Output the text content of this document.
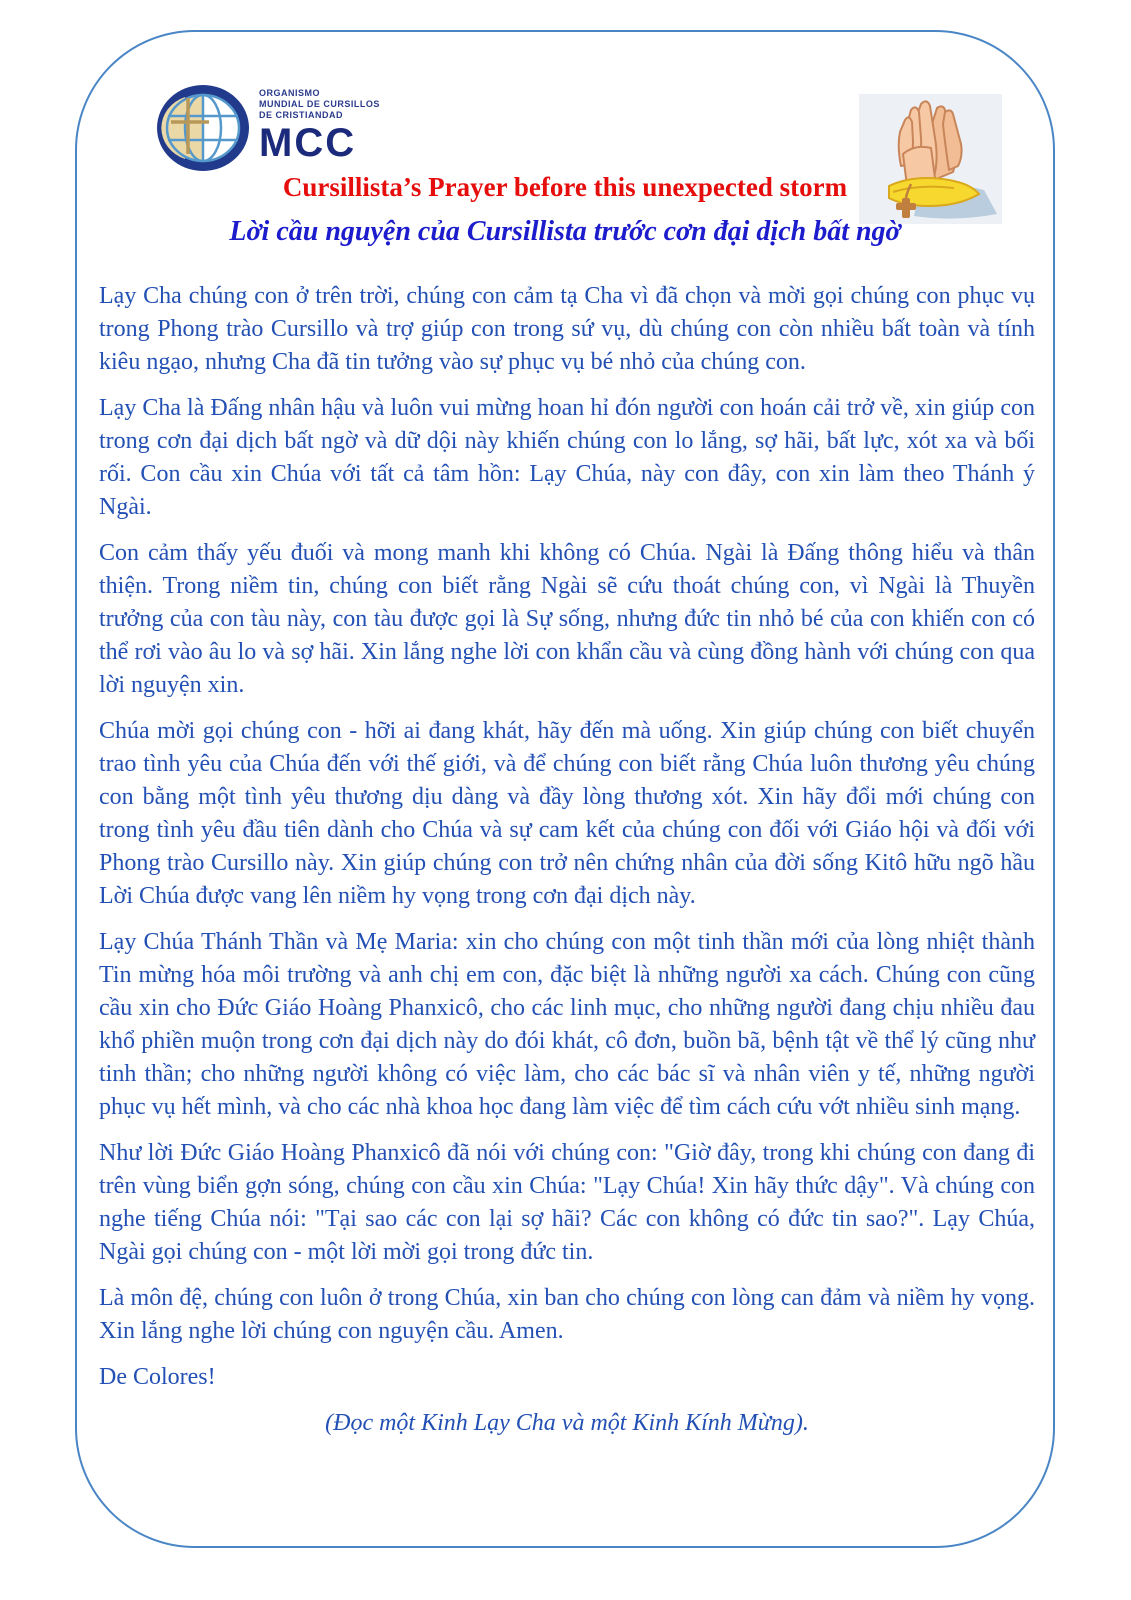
ORGANISMO
MUNDIAL DE CURSILLOS
DE CRISTIANDAD
MCC
Cursillista’s Prayer before this unexpected storm
Lời cầu nguyện của Cursillista trước cơn đại dịch bất ngờ

Lạy Cha chúng con ở trên trời, chúng con cảm tạ Cha vì đã chọn và mời gọi chúng con phục vụ trong Phong trào Cursillo và trợ giúp con trong sứ vụ, dù chúng con còn nhiều bất toàn và tính kiêu ngạo, nhưng Cha đã tin tưởng vào sự phục vụ bé nhỏ của chúng con.

Lạy Cha là Đấng nhân hậu và luôn vui mừng hoan hỉ đón người con hoán cải trở về, xin giúp con trong cơn đại dịch bất ngờ và dữ dội này khiến chúng con lo lắng, sợ hãi, bất lực, xót xa và bối rối. Con cầu xin Chúa với tất cả tâm hồn: Lạy Chúa, này con đây, con xin làm theo Thánh ý Ngài.

Con cảm thấy yếu đuối và mong manh khi không có Chúa. Ngài là Đấng thông hiểu và thân thiện. Trong niềm tin, chúng con biết rằng Ngài sẽ cứu thoát chúng con, vì Ngài là Thuyền trưởng của con tàu này, con tàu được gọi là Sự sống, nhưng đức tin nhỏ bé của con khiến con có thể rơi vào âu lo và sợ hãi. Xin lắng nghe lời con khẩn cầu và cùng đồng hành với chúng con qua lời nguyện xin.

Chúa mời gọi chúng con - hỡi ai đang khát, hãy đến mà uống. Xin giúp chúng con biết chuyển trao tình yêu của Chúa đến với thế giới, và để chúng con biết rằng Chúa luôn thương yêu chúng con bằng một tình yêu thương dịu dàng và đầy lòng thương xót. Xin hãy đổi mới chúng con trong tình yêu đầu tiên dành cho Chúa và sự cam kết của chúng con đối với Giáo hội và đối với Phong trào Cursillo này. Xin giúp chúng con trở nên chứng nhân của đời sống Kitô hữu ngõ hầu Lời Chúa được vang lên niềm hy vọng trong cơn đại dịch này.

Lạy Chúa Thánh Thần và Mẹ Maria: xin cho chúng con một tinh thần mới của lòng nhiệt thành Tin mừng hóa môi trường và anh chị em con, đặc biệt là những người xa cách. Chúng con cũng cầu xin cho Đức Giáo Hoàng Phanxicô, cho các linh mục, cho những người đang chịu nhiều đau khổ phiền muộn trong cơn đại dịch này do đói khát, cô đơn, buồn bã, bệnh tật về thể lý cũng như tinh thần; cho những người không có việc làm, cho các bác sĩ và nhân viên y tế, những người phục vụ hết mình, và cho các nhà khoa học đang làm việc để tìm cách cứu vớt nhiều sinh mạng.

Như lời Đức Giáo Hoàng Phanxicô đã nói với chúng con: "Giờ đây, trong khi chúng con đang đi trên vùng biển gợn sóng, chúng con cầu xin Chúa: "Lạy Chúa! Xin hãy thức dậy". Và chúng con nghe tiếng Chúa nói: "Tại sao các con lại sợ hãi? Các con không có đức tin sao?". Lạy Chúa, Ngài gọi chúng con - một lời mời gọi trong đức tin.

Là môn đệ, chúng con luôn ở trong Chúa, xin ban cho chúng con lòng can đảm và niềm hy vọng. Xin lắng nghe lời chúng con nguyện cầu. Amen.

De Colores!

(Đọc một Kinh Lạy Cha và một Kinh Kính Mừng).
